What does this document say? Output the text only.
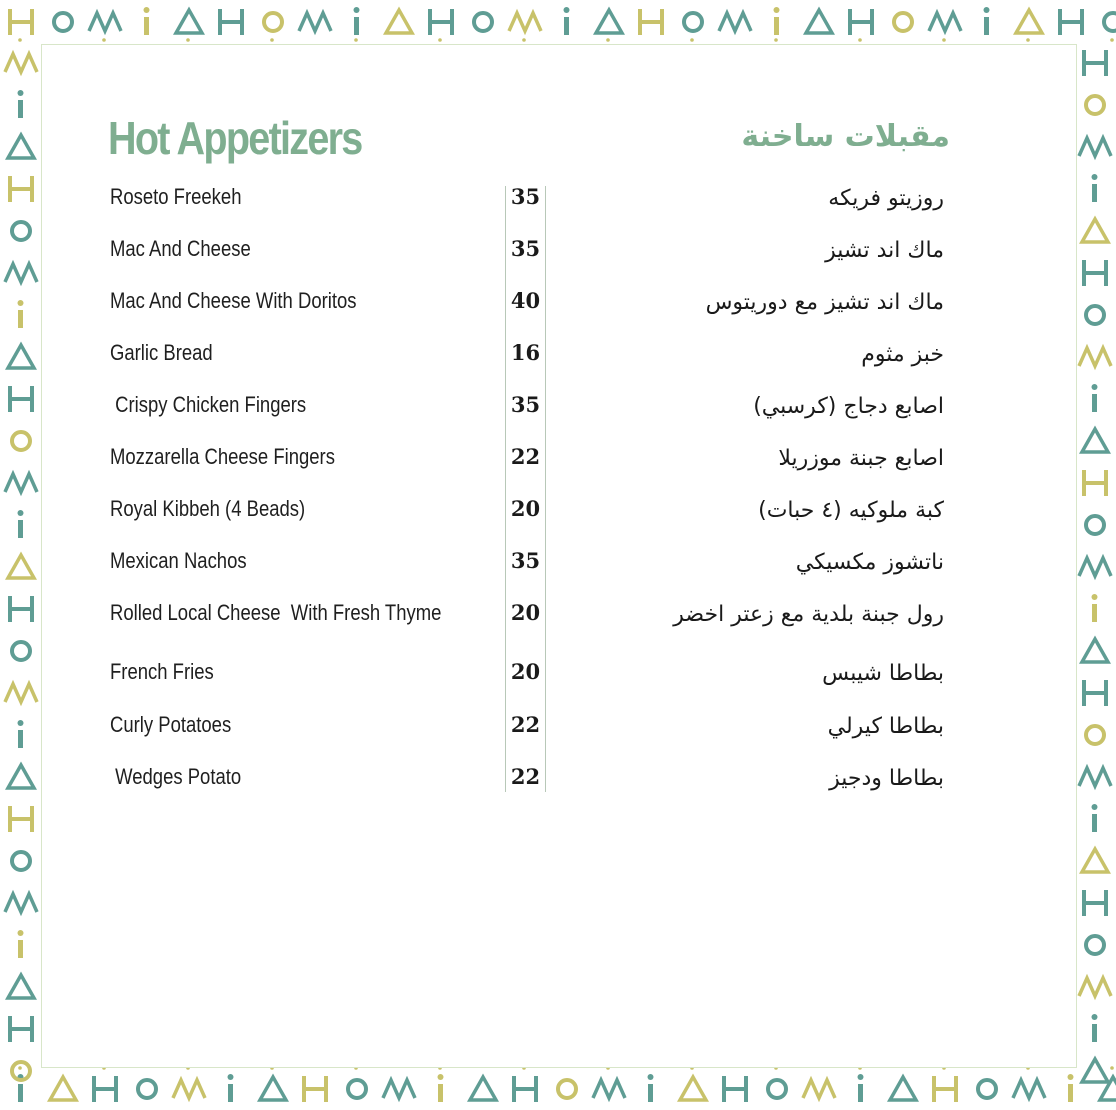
Hot Appetizers	مقبلات ساخنة
Roseto Freekeh	35	روزيتو فريكه
Mac And Cheese	35	ماك اند تشيز
Mac And Cheese With Doritos	40	ماك اند تشيز مع دوريتوس
Garlic Bread	16	خبز مثوم
Crispy Chicken Fingers	35	اصابع دجاج (كرسبي)
Mozzarella Cheese Fingers	22	اصابع جبنة موزريلا
Royal Kibbeh (4 Beads)	20	كبة ملوكيه (٤ حبات)
Mexican Nachos	35	ناتشوز مكسيكي
Rolled Local Cheese  With Fresh Thyme	20	رول جبنة بلدية مع زعتر اخضر
French Fries	20	بطاطا شيبس
Curly Potatoes	22	بطاطا كيرلي
Wedges Potato	22	بطاطا ودجيز
